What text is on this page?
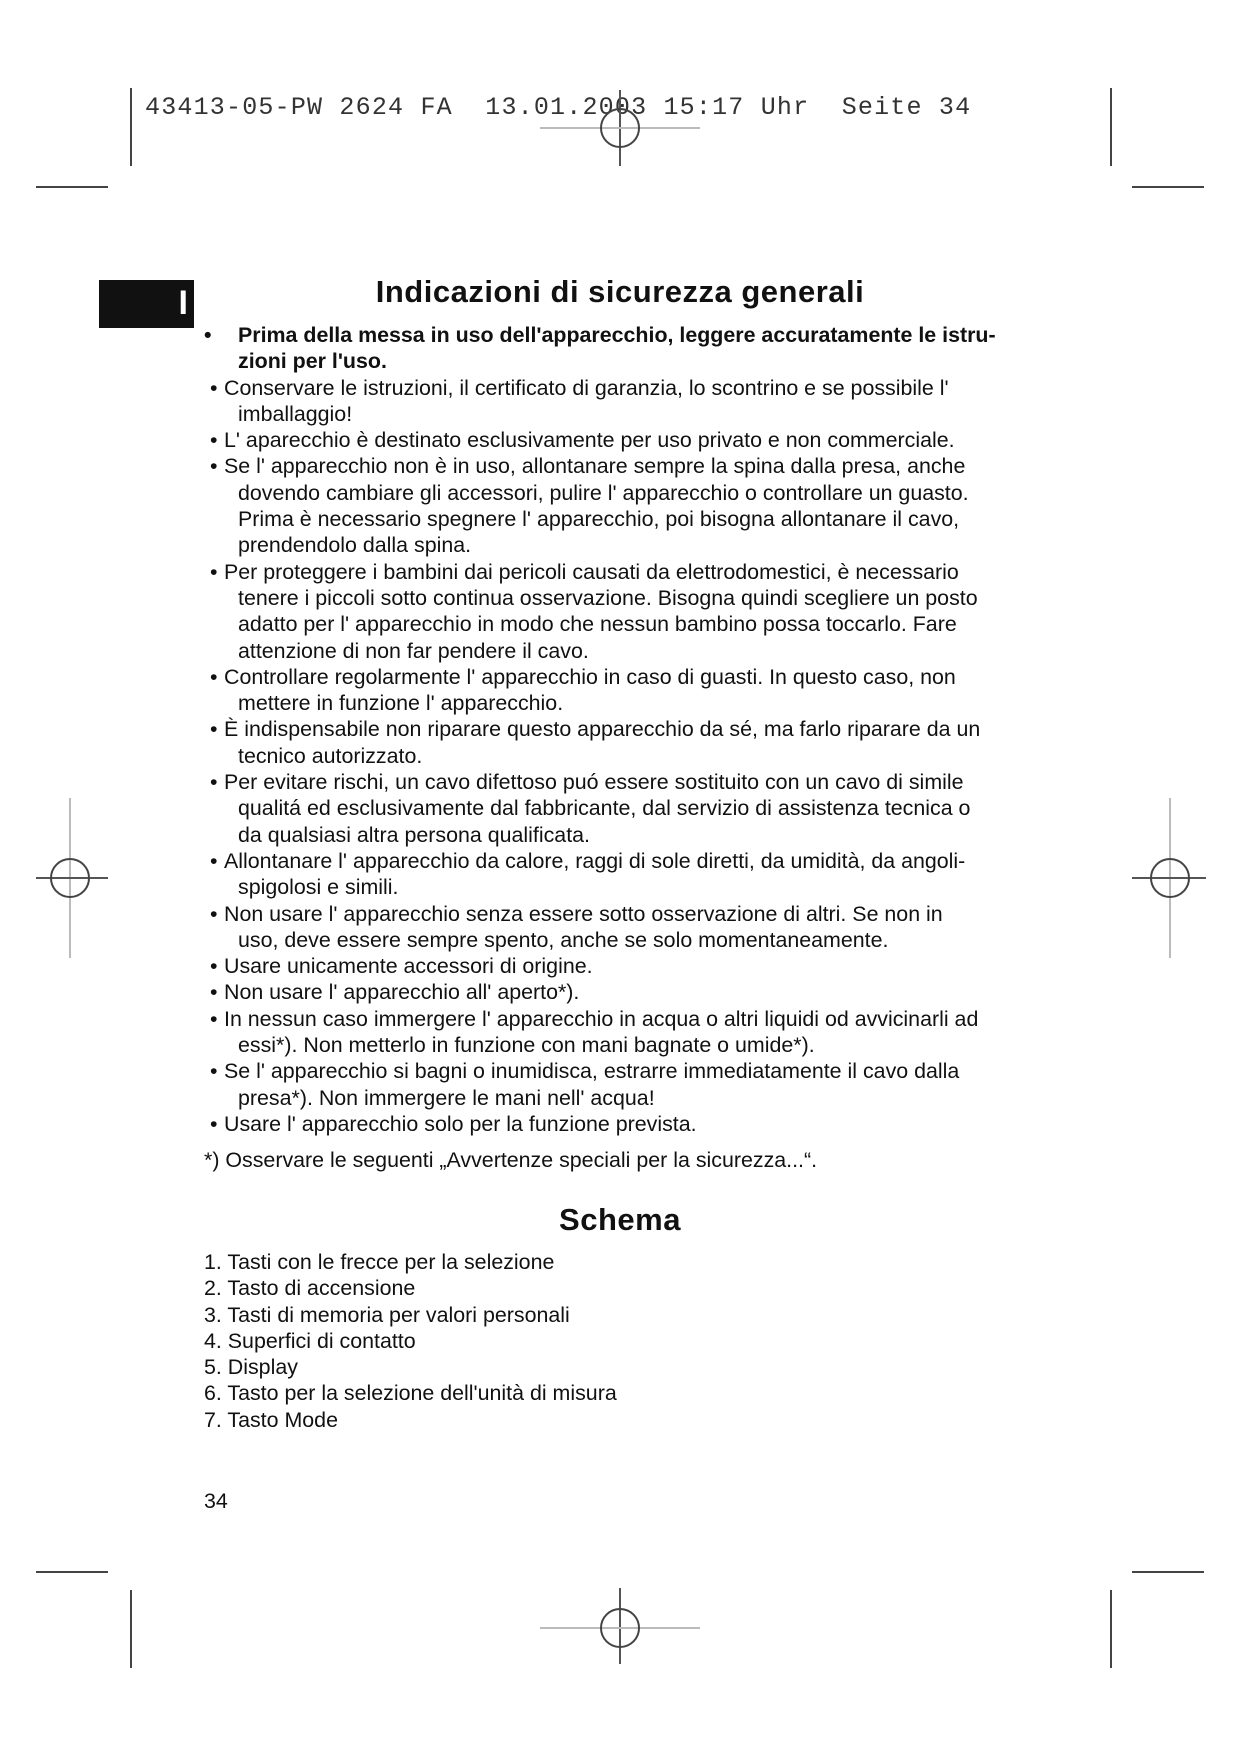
43413-05-PW 2624 FA  13.01.2003 15:17 Uhr  Seite 34
I	Indicazioni di sicurezza generali
• Prima della messa in uso dell'apparecchio, leggere accuratamente le istru-
zioni per l'uso.
•Conservare le istruzioni, il certificato di garanzia, lo scontrino e se possibile l'
imballaggio!
•L' aparecchio è destinato esclusivamente per uso privato e non commerciale.
•Se l' apparecchio non è in uso, allontanare sempre la spina dalla presa, anche
dovendo cambiare gli accessori, pulire l' apparecchio o controllare un guasto.
Prima è necessario spegnere l' apparecchio, poi bisogna allontanare il cavo,
prendendolo dalla spina.
•Per proteggere i bambini dai pericoli causati da elettrodomestici, è necessario
tenere i piccoli sotto continua osservazione. Bisogna quindi scegliere un posto
adatto per l' apparecchio in modo che nessun bambino possa toccarlo. Fare
attenzione di non far pendere il cavo.
•Controllare regolarmente l' apparecchio in caso di guasti. In questo caso, non
mettere in funzione l' apparecchio.
•È indispensabile non riparare questo apparecchio da sé, ma farlo riparare da un
tecnico autorizzato.
•Per evitare rischi, un cavo difettoso puó essere sostituito con un cavo di simile
qualitá ed esclusivamente dal fabbricante, dal servizio di assistenza tecnica o
da qualsiasi altra persona qualificata.
•Allontanare l' apparecchio da calore, raggi di sole diretti, da umidità, da angoli-
spigolosi e simili.
•Non usare l' apparecchio senza essere sotto osservazione di altri. Se non in
uso, deve essere sempre spento, anche se solo momentaneamente.
•Usare unicamente accessori di origine.
•Non usare l' apparecchio all' aperto*).
•In nessun caso immergere l' apparecchio in acqua o altri liquidi od avvicinarli ad
essi*). Non metterlo in funzione con mani bagnate o umide*).
•Se l' apparecchio si bagni o inumidisca, estrarre immediatamente il cavo dalla
presa*). Non immergere le mani nell' acqua!
•Usare l' apparecchio solo per la funzione prevista.
*) Osservare le seguenti „Avvertenze speciali per la sicurezza...“.
Schema
1. Tasti con le frecce per la selezione
2. Tasto di accensione
3. Tasti di memoria per valori personali
4. Superfici di contatto
5. Display
6. Tasto per la selezione dell'unità di misura
7. Tasto Mode
34
